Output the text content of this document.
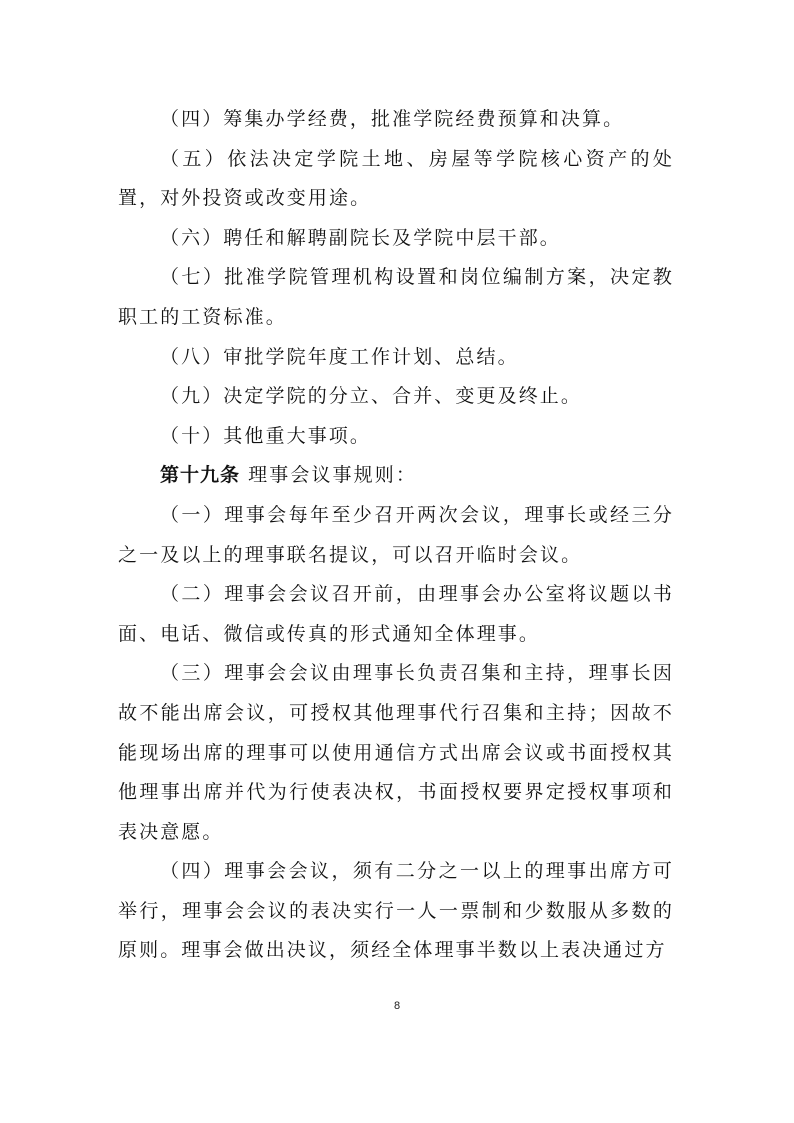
（四）筹集办学经费，批准学院经费预算和决算。

（五）依法决定学院土地、房屋等学院核心资产的处置，对外投资或改变用途。

（六）聘任和解聘副院长及学院中层干部。

（七）批准学院管理机构设置和岗位编制方案，决定教职工的工资标准。

（八）审批学院年度工作计划、总结。

（九）决定学院的分立、合并、变更及终止。

（十）其他重大事项。

第十九条 理事会议事规则：

（一）理事会每年至少召开两次会议，理事长或经三分之一及以上的理事联名提议，可以召开临时会议。

（二）理事会会议召开前，由理事会办公室将议题以书面、电话、微信或传真的形式通知全体理事。

（三）理事会会议由理事长负责召集和主持，理事长因故不能出席会议，可授权其他理事代行召集和主持；因故不能现场出席的理事可以使用通信方式出席会议或书面授权其他理事出席并代为行使表决权，书面授权要界定授权事项和表决意愿。

（四）理事会会议，须有二分之一以上的理事出席方可举行，理事会会议的表决实行一人一票制和少数服从多数的原则。理事会做出决议，须经全体理事半数以上表决通过方

8
